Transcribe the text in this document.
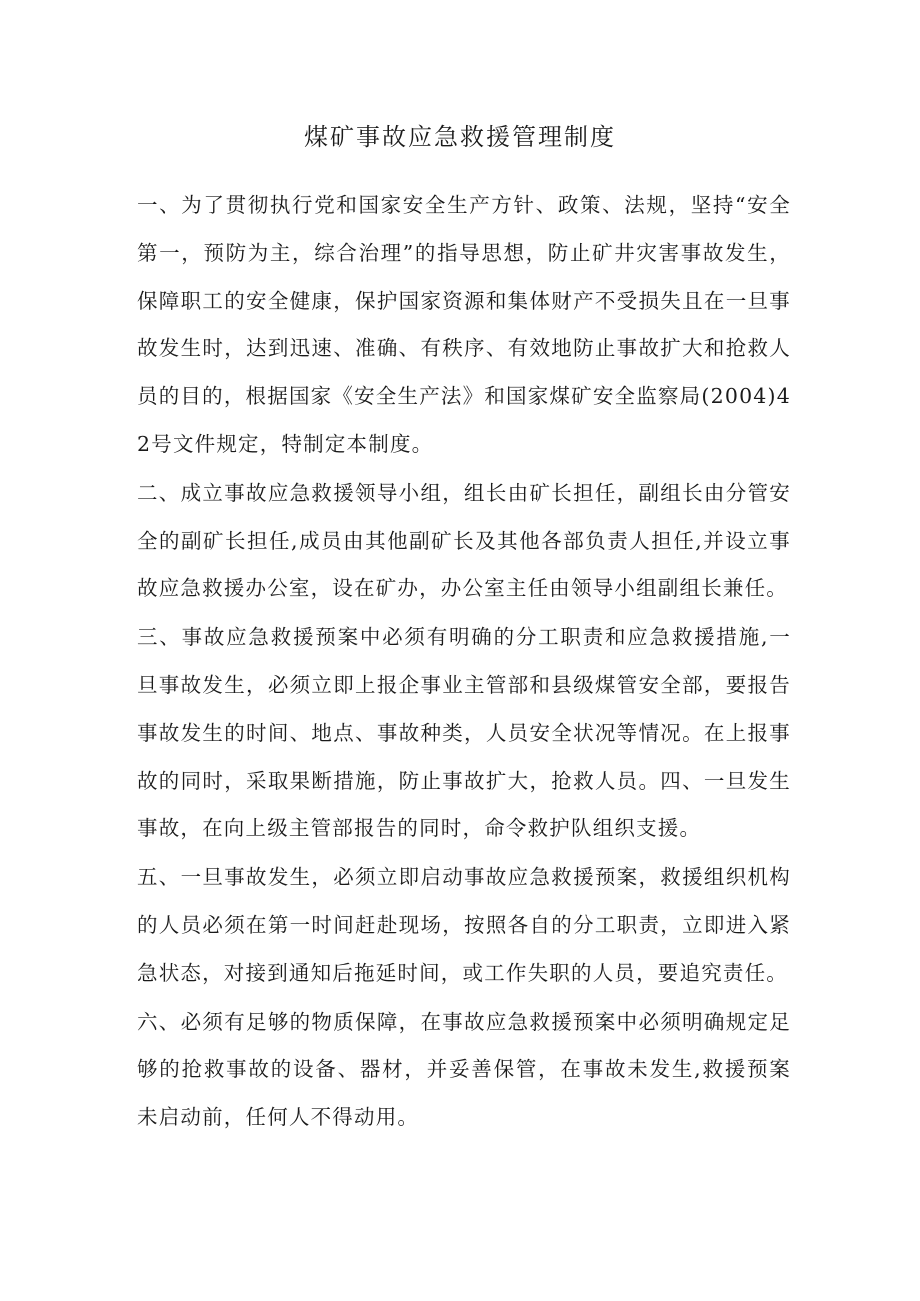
煤矿事故应急救援管理制度

一、为了贯彻执行党和国家安全生产方针、政策、法规，坚持“安全第一，预防为主，综合治理”的指导思想，防止矿井灾害事故发生，保障职工的安全健康，保护国家资源和集体财产不受损失且在一旦事故发生时，达到迅速、准确、有秩序、有效地防止事故扩大和抢救人员的目的，根据国家《安全生产法》和国家煤矿安全监察局(2004)42号文件规定，特制定本制度。

二、成立事故应急救援领导小组，组长由矿长担任，副组长由分管安全的副矿长担任,成员由其他副矿长及其他各部负责人担任,并设立事故应急救援办公室，设在矿办，办公室主任由领导小组副组长兼任。

三、事故应急救援预案中必须有明确的分工职责和应急救援措施,一旦事故发生，必须立即上报企事业主管部和县级煤管安全部，要报告事故发生的时间、地点、事故种类，人员安全状况等情况。在上报事故的同时，采取果断措施，防止事故扩大，抢救人员。四、一旦发生事故，在向上级主管部报告的同时，命令救护队组织支援。

五、一旦事故发生，必须立即启动事故应急救援预案，救援组织机构的人员必须在第一时间赶赴现场，按照各自的分工职责，立即进入紧急状态，对接到通知后拖延时间，或工作失职的人员，要追究责任。

六、必须有足够的物质保障，在事故应急救援预案中必须明确规定足够的抢救事故的设备、器材，并妥善保管，在事故未发生,救援预案未启动前，任何人不得动用。
